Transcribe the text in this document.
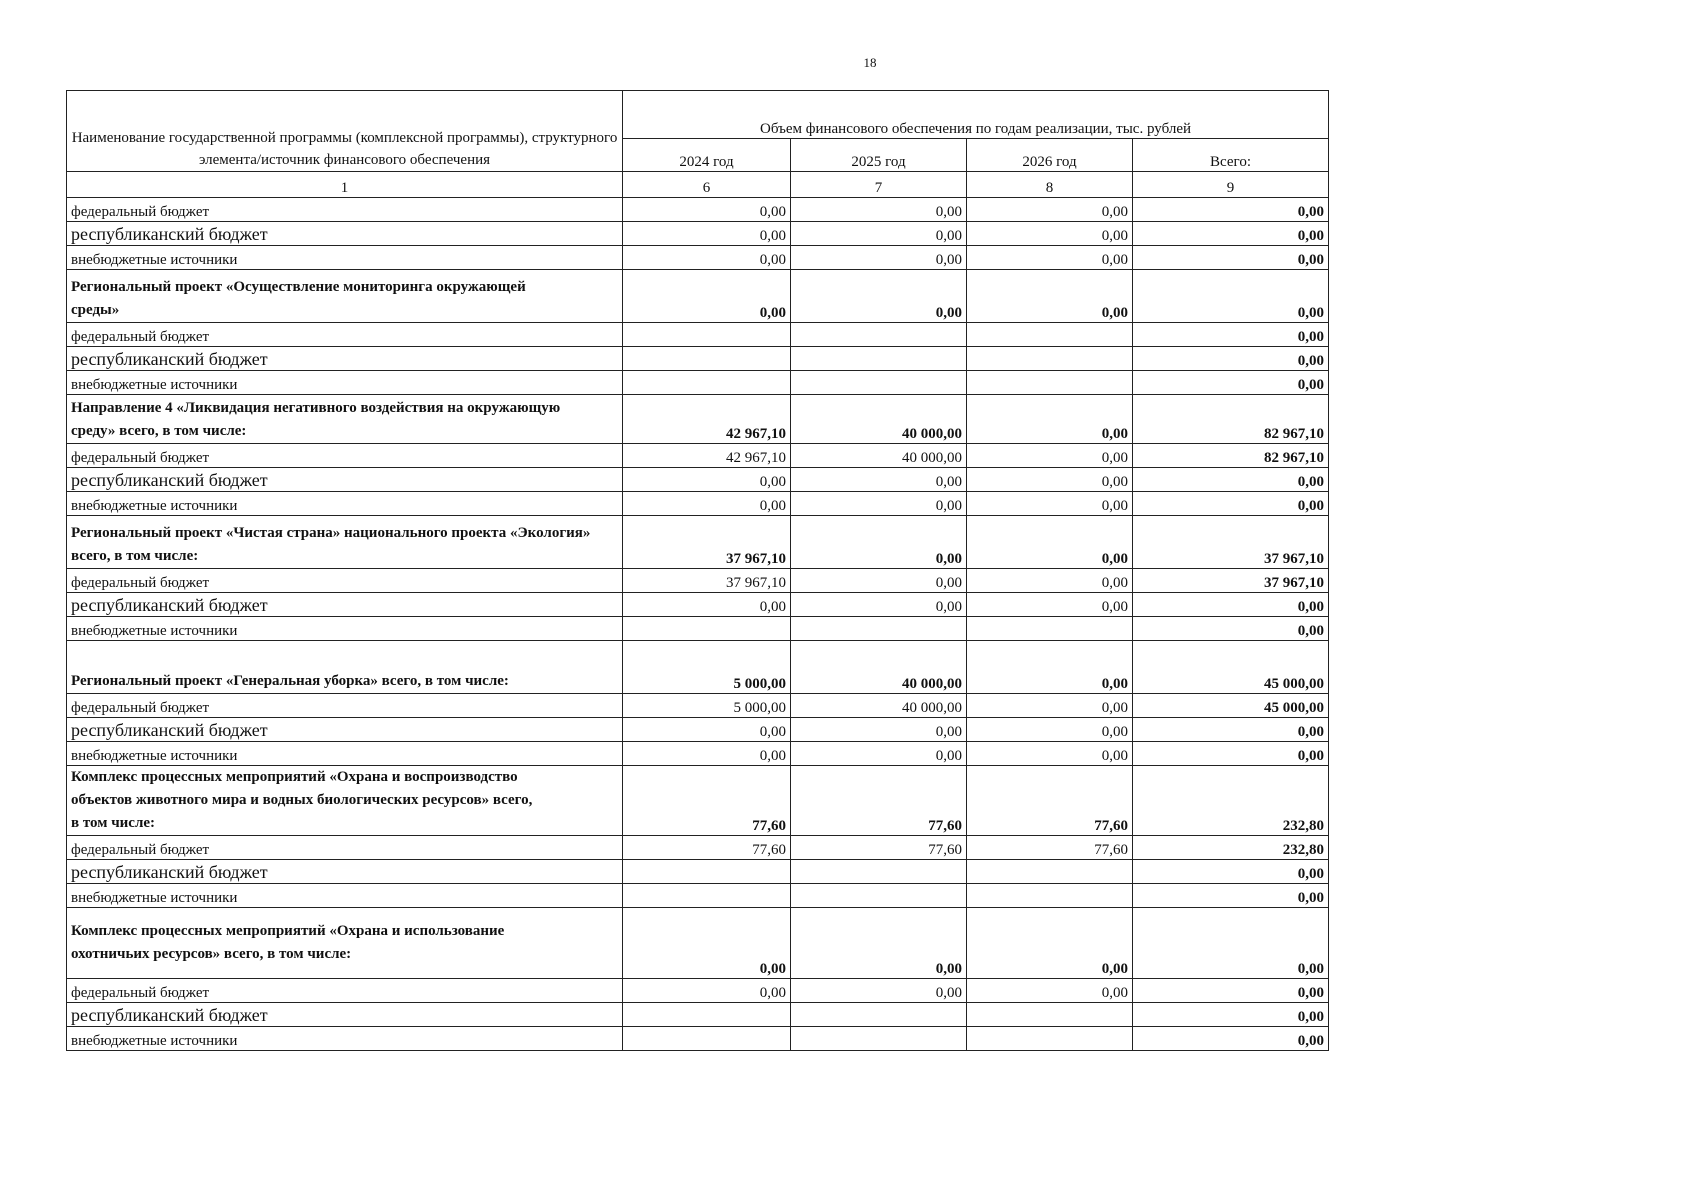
18
Наименование государственной программы (комплексной программы), структурного элемента/источник финансового обеспечения	Объем финансового обеспечения по годам реализации, тыс. рублей			
	2024 год	2025 год	2026 год	Всего:
1	6	7	8	9
федеральный бюджет	0,00	0,00	0,00	0,00
республиканский бюджет	0,00	0,00	0,00	0,00
внебюджетные источники	0,00	0,00	0,00	0,00
Региональный проект «Осуществление мониторинга окружающей среды»	0,00	0,00	0,00	0,00
федеральный бюджет				0,00
республиканский бюджет				0,00
внебюджетные источники				0,00
Направление 4 «Ликвидация негативного воздействия на окружающую среду» всего, в том числе:	42 967,10	40 000,00	0,00	82 967,10
федеральный бюджет	42 967,10	40 000,00	0,00	82 967,10
республиканский бюджет	0,00	0,00	0,00	0,00
внебюджетные источники	0,00	0,00	0,00	0,00
Региональный проект «Чистая страна» национального проекта «Экология» всего, в том числе:	37 967,10	0,00	0,00	37 967,10
федеральный бюджет	37 967,10	0,00	0,00	37 967,10
республиканский бюджет	0,00	0,00	0,00	0,00
внебюджетные источники				0,00
Региональный проект «Генеральная уборка» всего, в том числе:	5 000,00	40 000,00	0,00	45 000,00
федеральный бюджет	5 000,00	40 000,00	0,00	45 000,00
республиканский бюджет	0,00	0,00	0,00	0,00
внебюджетные источники	0,00	0,00	0,00	0,00
Комплекс процессных мепроприятий «Охрана и воспроизводство объектов животного мира и водных биологических ресурсов» всего, в том числе:	77,60	77,60	77,60	232,80
федеральный бюджет	77,60	77,60	77,60	232,80
республиканский бюджет				0,00
внебюджетные источники				0,00
Комплекс процессных мепроприятий «Охрана и использование охотничьих ресурсов» всего, в том числе:	0,00	0,00	0,00	0,00
федеральный бюджет	0,00	0,00	0,00	0,00
республиканский бюджет				0,00
внебюджетные источники				0,00
